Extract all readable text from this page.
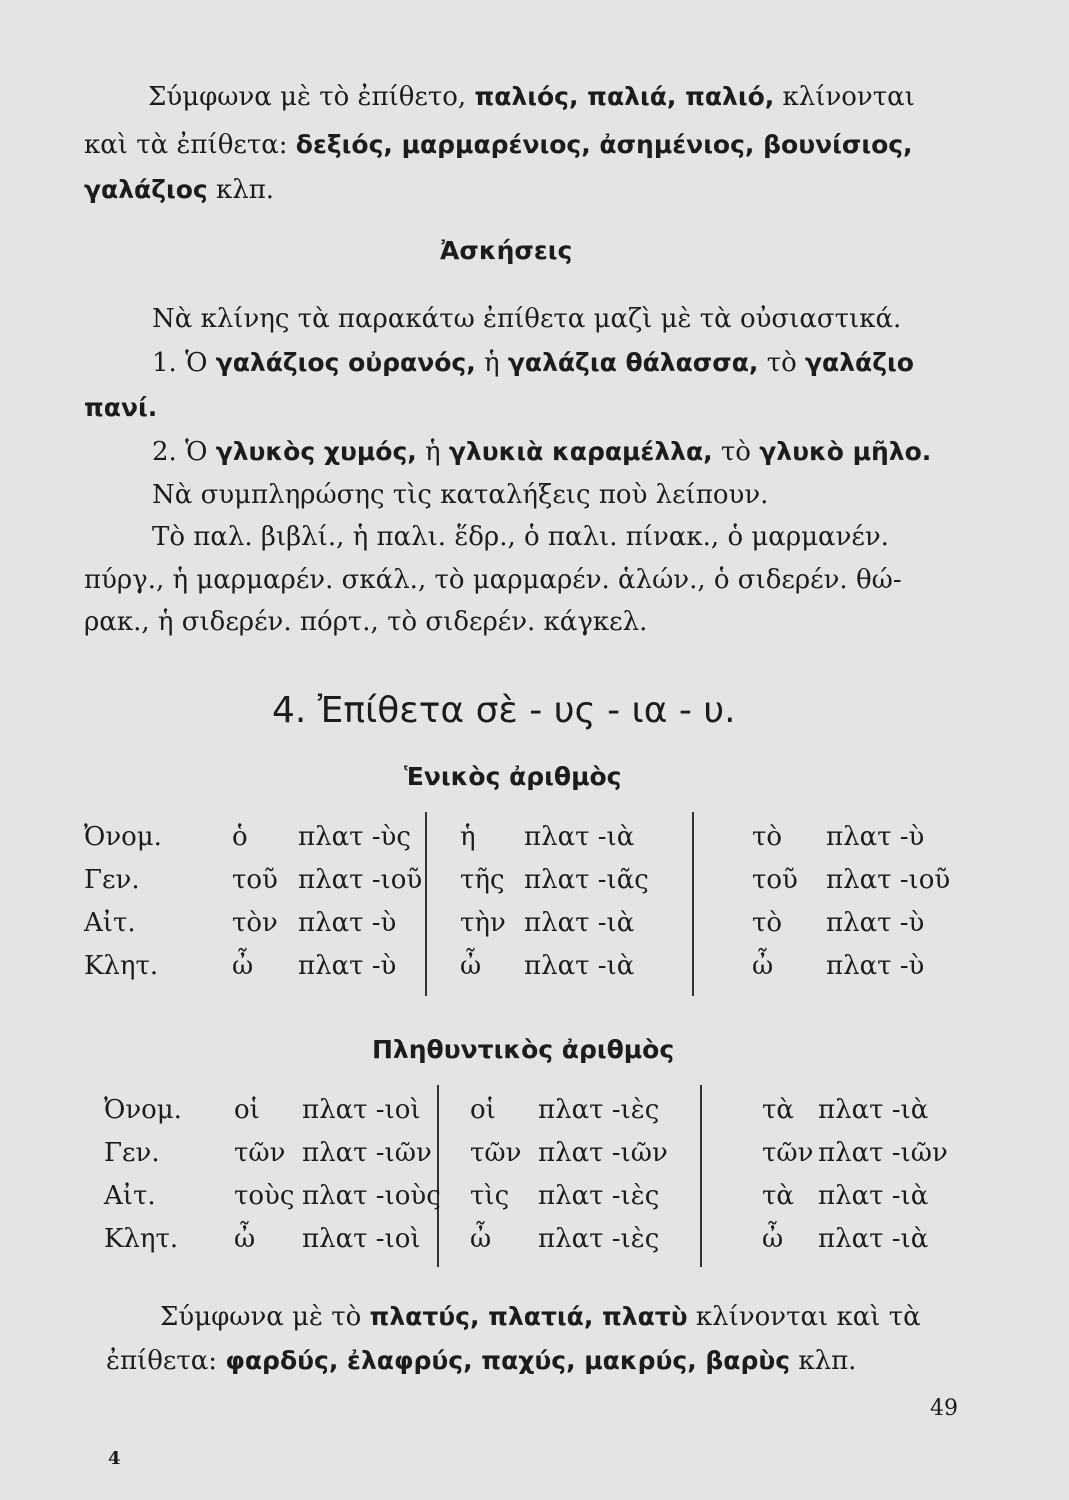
Σύμφωνα μὲ τὸ ἐπίθετο, παλιός, παλιά, παλιό, κλίνονται
καὶ τὰ ἐπίθετα: δεξιός, μαρμαρένιος, ἀσημένιος, βουνίσιος,
γαλάζιος κλπ.
Ἀσκήσεις
Νὰ κλίνης τὰ παρακάτω ἐπίθετα μαζὶ μὲ τὰ οὐσιαστικά.
1. Ὁ γαλάζιος οὐρανός, ἡ γαλάζια θάλασσα, τὸ γαλάζιο
πανί.
2. Ὁ γλυκὸς χυμός, ἡ γλυκιὰ καραμέλλα, τὸ γλυκὸ μῆλο.
Νὰ συμπληρώσης τὶς καταλήξεις ποὺ λείπουν.
Τὸ παλ. βιβλί., ἡ παλι. ἕδρ., ὁ παλι. πίνακ., ὁ μαρμανέν.
πύργ., ἡ μαρμαρέν. σκάλ., τὸ μαρμαρέν. ἁλών., ὁ σιδερέν. θώ-
ρακ., ἡ σιδερέν. πόρτ., τὸ σιδερέν. κάγκελ.
4. Ἐπίθετα σὲ - υς - ια - υ.
Ἑνικὸς ἀριθμὸς
Ὀνομ.	ὁ πλατ -ὺς ἡ πλατ -ιὰ	τὸ πλατ -ὺ
Γεν.	τοῦ πλατ -ιοῦ τῆς πλατ -ιᾶς	τοῦ πλατ -ιοῦ
Αἰτ.	τὸν πλατ -ὺ τὴν πλατ -ιὰ	τὸ πλατ -ὺ
Κλητ.	ὦ πλατ -ὺ ὦ πλατ -ιὰ	ὦ πλατ -ὺ
Πληθυντικὸς ἀριθμὸς
Ὀνομ. οἱ πλατ -ιοὶ οἱ πλατ -ιὲς	τὰ πλατ -ιὰ
Γεν.	τῶν πλατ -ιῶν τῶν πλατ -ιῶν	τῶν πλατ -ιῶν
Αἰτ.	τοὺς πλατ -ιοὺς τὶς πλατ -ιὲς	τὰ πλατ -ιὰ
Κλητ. ὦ πλατ -ιοὶ ὦ πλατ -ιὲς	ὦ πλατ -ιὰ
Σύμφωνα μὲ τὸ πλατύς, πλατιά, πλατὺ κλίνονται καὶ τὰ
ἐπίθετα: φαρδύς, ἐλαφρύς, παχύς, μακρύς, βαρὺς κλπ.
49
4
